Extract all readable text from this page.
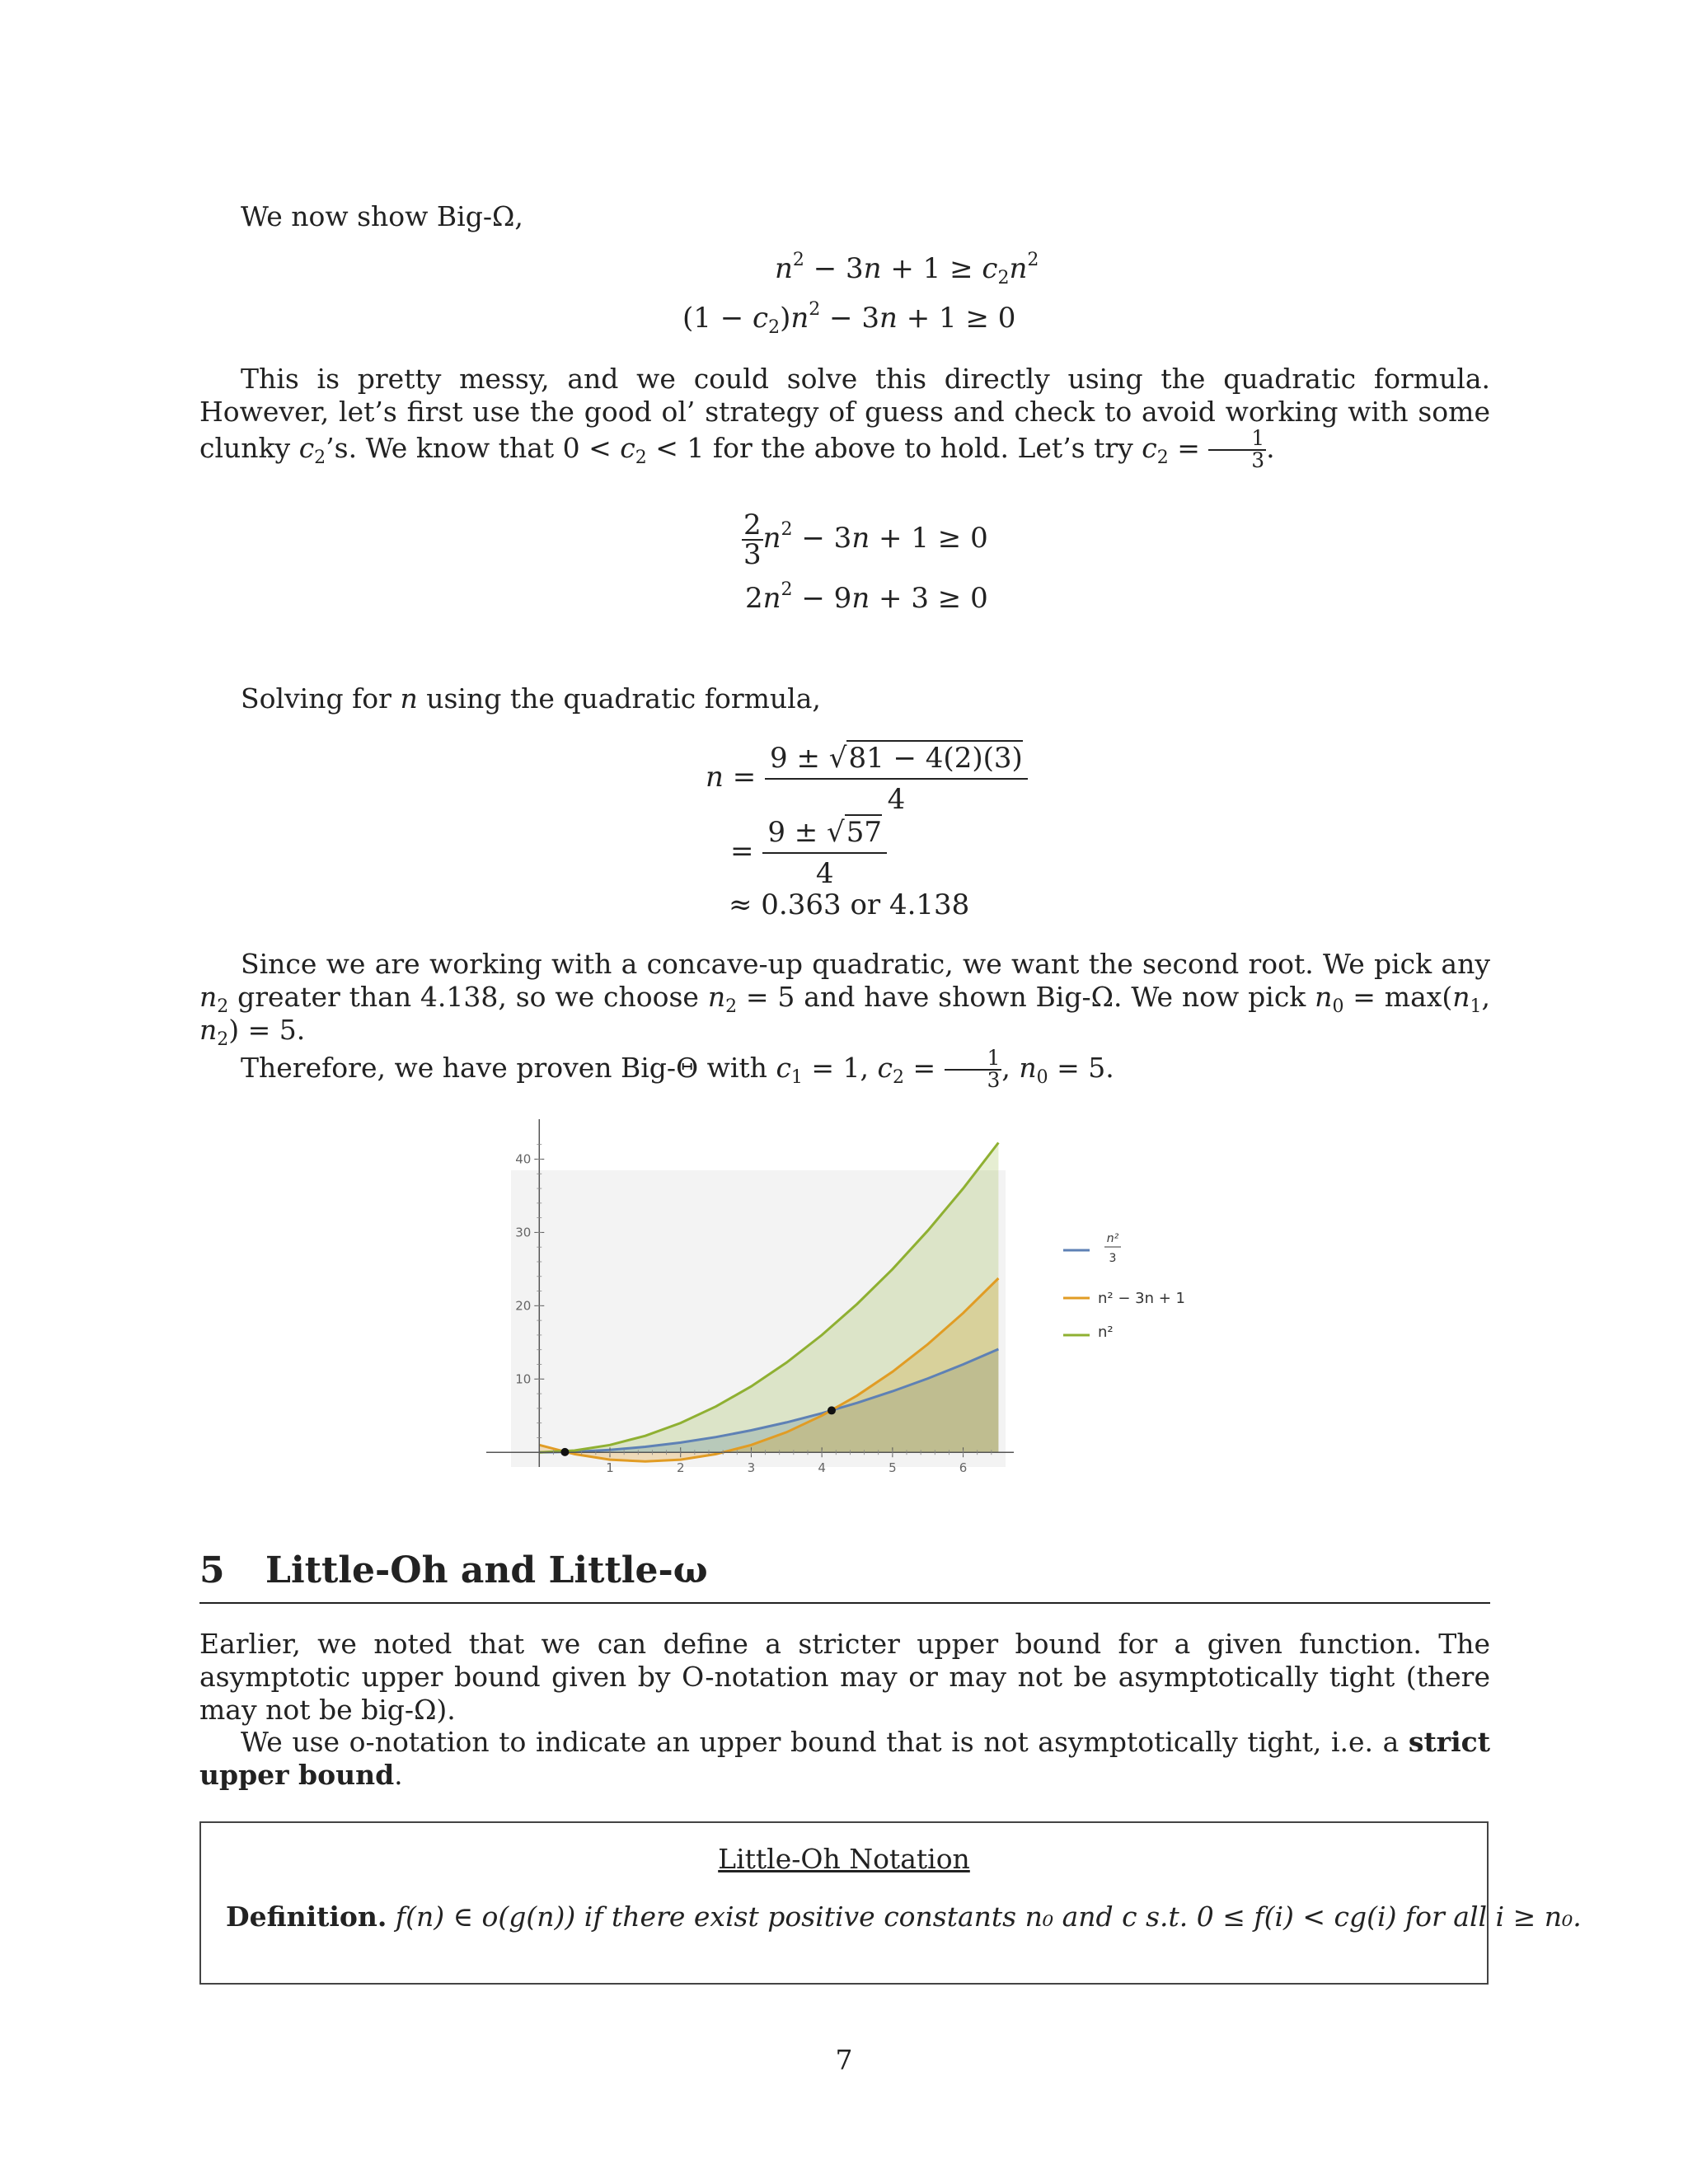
We now show Big-Ω,

$n^2 - 3n + 1 \ge c_2n^2$
$(1 - c_2)n^2 - 3n + 1 \ge 0$

This is pretty messy, and we could solve this directly using the quadratic formula. However, let’s first use the good ol’ strategy of guess and check to avoid working with some clunky $c_2’s$. We know that $0 < c_2 < 1$ for the above to hold. Let’s try $c_2 = \frac{1}{3}$ .

$\frac{2}{3} n^2 - 3n + 1 \ge 0$
$2n^2 - 9n + 3 \ge 0$

Solving for n using the quadratic formula,

$n = \frac{9 \pm √81 - 4(2)(3)}{4}$
= $\frac{9 \pm √57}{4}$
≈ 0.363 or 4.138

Since we are working with a concave-up quadratic, we want the second root. We pick any $n_2$ greater than 4.138, so we choose $n_2 = 5$ and have shown Big-Ω. We now pick $n_0 = \max(n_1$, $n_2) = 5$.

Therefore, we have proven Big-Θ with $c_1 = 1$, $c_2 = \frac{1}{3}$ , $n_0 = 5$.

1	2	3	4	5	6
10
20
30
40
n²
3
n² − 3n + 1
n²
5 Little-Oh and Little-ω

Earlier, we noted that we can define a stricter upper bound for a given function. The asymptotic upper bound given by O-notation may or may not be asymptotically tight (there may not be big-Ω).

We use o-notation to indicate an upper bound that is not asymptotically tight, i.e. a strict upper bound.

Little-Oh Notation
Definition. f(n) ∈ o(g(n)) if there exist positive constants n₀ and c s.t. 0 ≤ f(i) < cg(i) for all i ≥ n₀.
7
